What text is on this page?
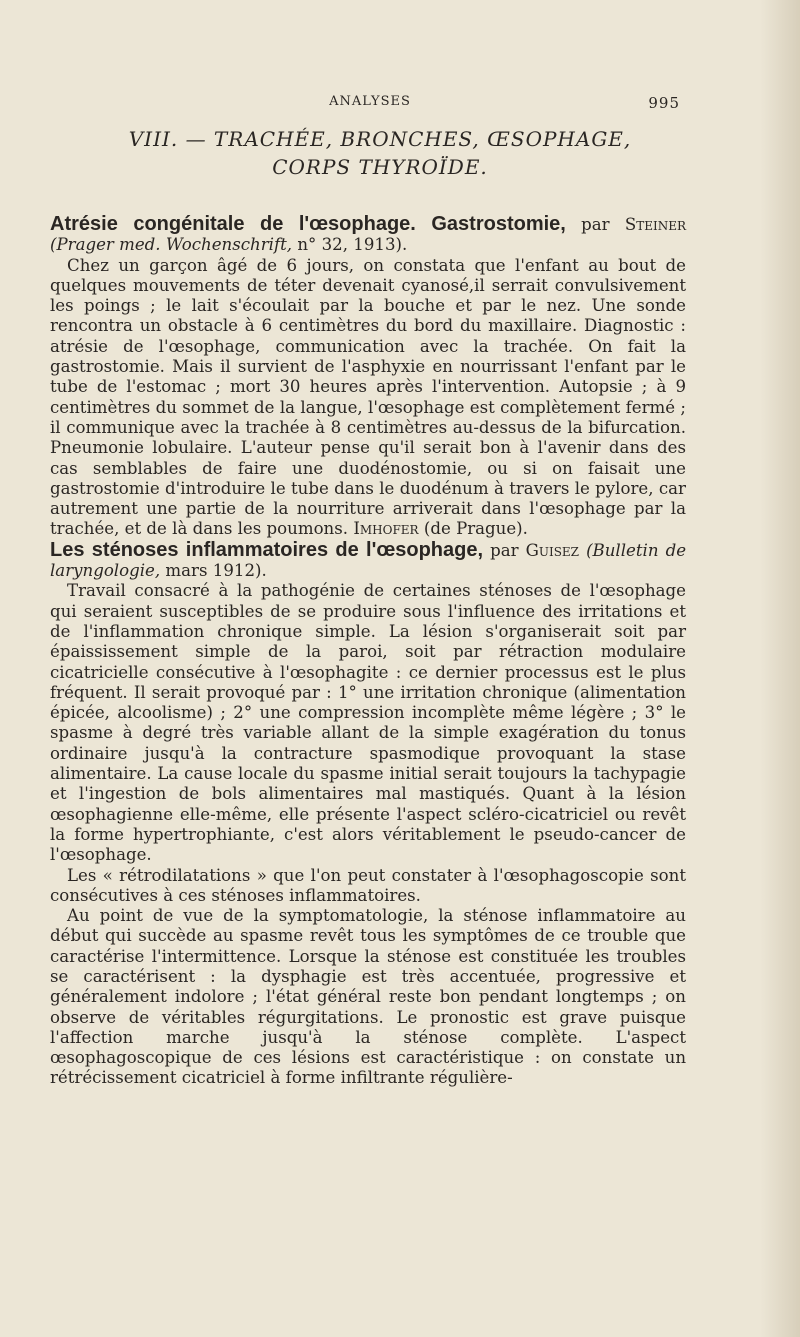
ANALYSES	995
VIII. — TRACHÉE, BRONCHES, ŒSOPHAGE,
CORPS THYROÏDE.

Atrésie congénitale de l'œsophage. Gastrostomie, par Steiner (Prager med. Wochenschrift, n° 32, 1913).

Chez un garçon âgé de 6 jours, on constata que l'enfant au bout de quelques mouvements de téter devenait cyanosé,il serrait convulsivement les poings ; le lait s'écoulait par la bouche et par le nez. Une sonde rencontra un obstacle à 6 centimètres du bord du maxillaire. Diagnostic : atrésie de l'œsophage, communication avec la trachée. On fait la gastrostomie. Mais il survient de l'asphyxie en nourrissant l'enfant par le tube de l'estomac ; mort 30 heures après l'intervention. Autopsie ; à 9 centimètres du sommet de la langue, l'œsophage est complètement fermé ; il communique avec la trachée à 8 centimètres au-dessus de la bifurcation. Pneumonie lobulaire. L'auteur pense qu'il serait bon à l'avenir dans des cas semblables de faire une duodénostomie, ou si on faisait une gastrostomie d'introduire le tube dans le duodénum à travers le pylore, car autrement une partie de la nourriture arriverait dans l'œsophage par la trachée, et de là dans les poumons. Imhofer (de Prague).

Les sténoses inflammatoires de l'œsophage, par Guisez (Bulletin de laryngologie, mars 1912).

Travail consacré à la pathogénie de certaines sténoses de l'œsophage qui seraient susceptibles de se produire sous l'influence des irritations et de l'inflammation chronique simple. La lésion s'organiserait soit par épaississement simple de la paroi, soit par rétraction modulaire cicatricielle consécutive à l'œsophagite : ce dernier processus est le plus fréquent. Il serait provoqué par : 1° une irritation chronique (alimentation épicée, alcoolisme) ; 2° une compression incomplète même légère ; 3° le spasme à degré très variable allant de la simple exagération du tonus ordinaire jusqu'à la contracture spasmodique provoquant la stase alimentaire. La cause locale du spasme initial serait toujours la tachypagie et l'ingestion de bols alimentaires mal mastiqués. Quant à la lésion œsophagienne elle-même, elle présente l'aspect scléro-cicatriciel ou revêt la forme hypertrophiante, c'est alors véritablement le pseudo-cancer de l'œsophage.

Les « rétrodilatations » que l'on peut constater à l'œsophagoscopie sont consécutives à ces sténoses inflammatoires.

Au point de vue de la symptomatologie, la sténose inflammatoire au début qui succède au spasme revêt tous les symptômes de ce trouble que caractérise l'intermittence. Lorsque la sténose est constituée les troubles se caractérisent : la dysphagie est très accentuée, progressive et généralement indolore ; l'état général reste bon pendant longtemps ; on observe de véritables régurgitations. Le pronostic est grave puisque l'affection marche jusqu'à la sténose complète. L'aspect œsophagoscopique de ces lésions est caractéristique : on constate un rétrécissement cicatriciel à forme infiltrante régulière-
